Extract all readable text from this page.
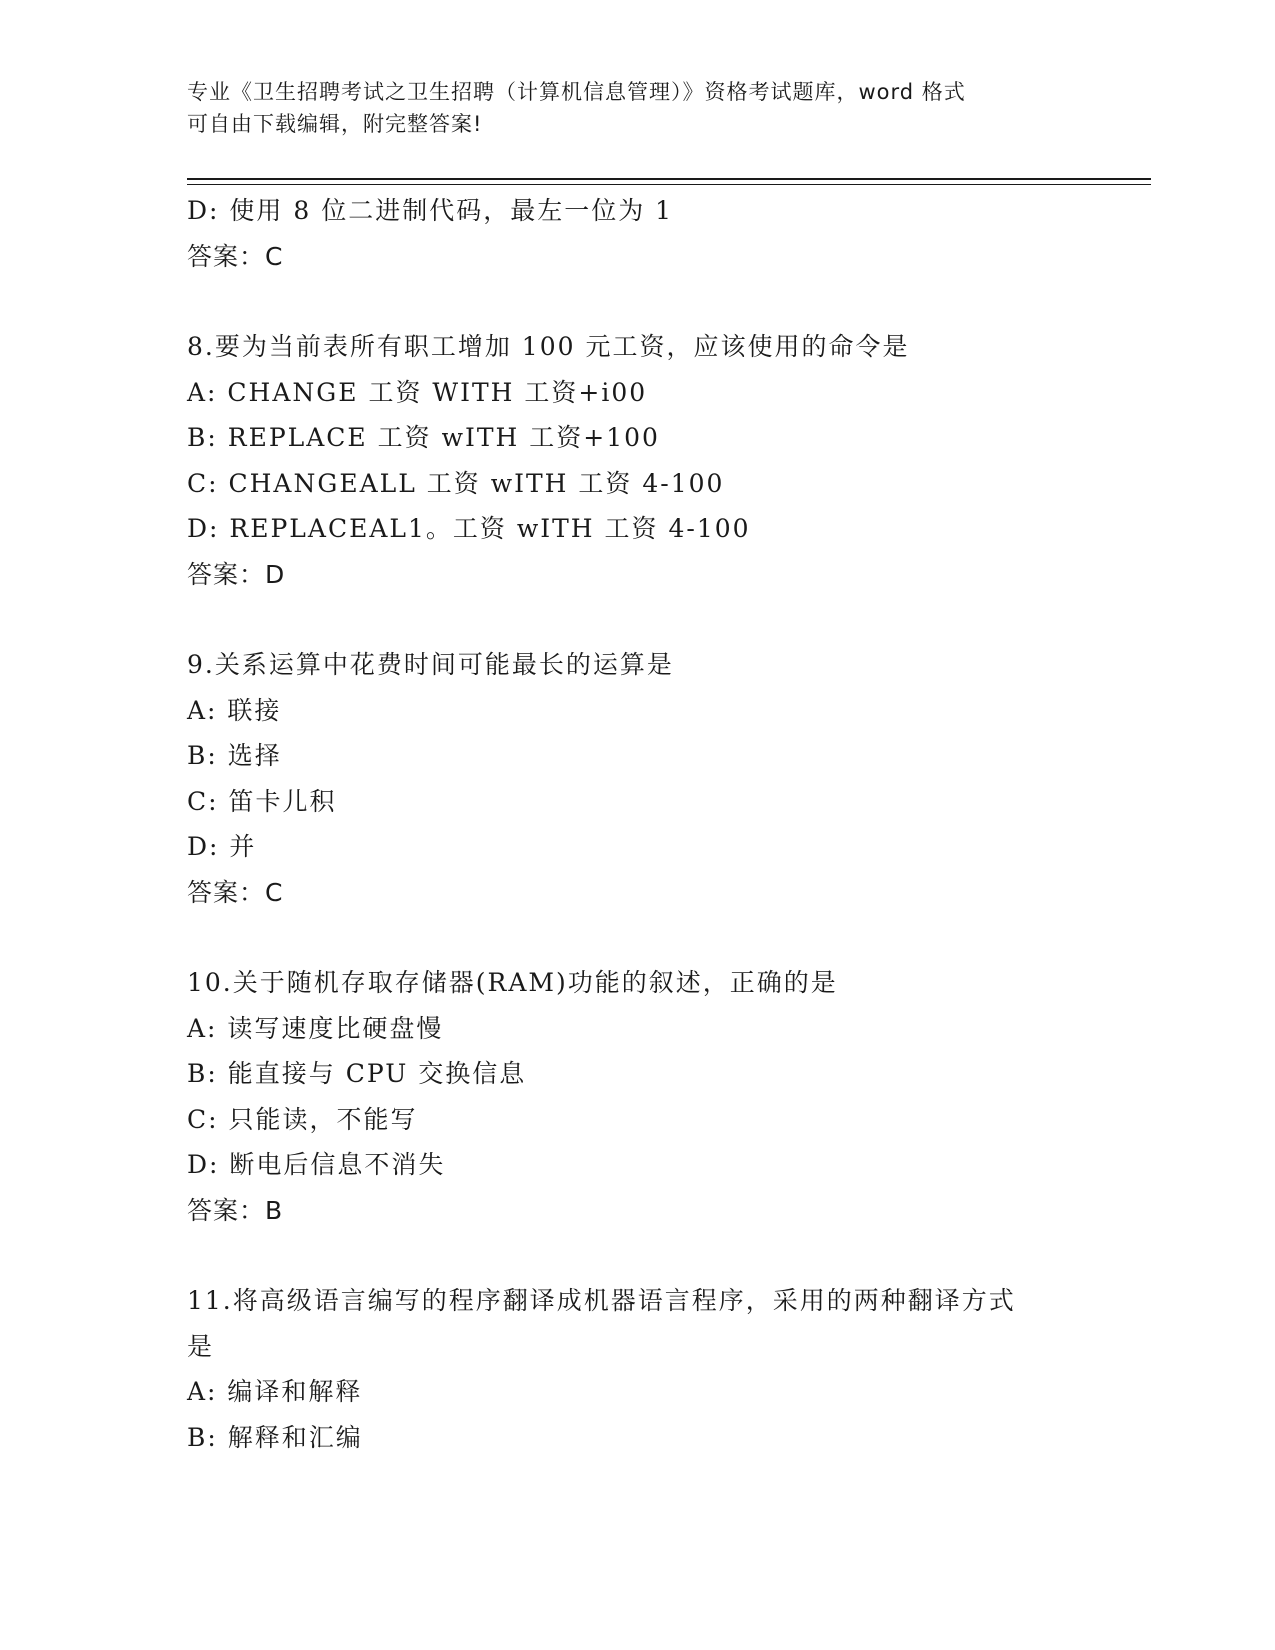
专业《卫生招聘考试之卫生招聘（计算机信息管理）》资格考试题库，word 格式
可自由下载编辑，附完整答案!
D: 使用 8 位二进制代码，最左一位为 1
答案：C
8.要为当前表所有职工增加 100 元工资，应该使用的命令是
A: CHANGE 工资 WITH 工资+i00
B: REPLACE 工资 wITH 工资+100
C: CHANGEALL 工资 wITH 工资 4-100
D: REPLACEAL1。工资 wITH 工资 4-100
答案：D
9.关系运算中花费时间可能最长的运算是
A: 联接
B: 选择
C: 笛卡儿积
D: 并
答案：C
10.关于随机存取存储器(RAM)功能的叙述，正确的是
A: 读写速度比硬盘慢
B: 能直接与 CPU 交换信息
C: 只能读，不能写
D: 断电后信息不消失
答案：B
11.将高级语言编写的程序翻译成机器语言程序，采用的两种翻译方式
是
A: 编译和解释
B: 解释和汇编
